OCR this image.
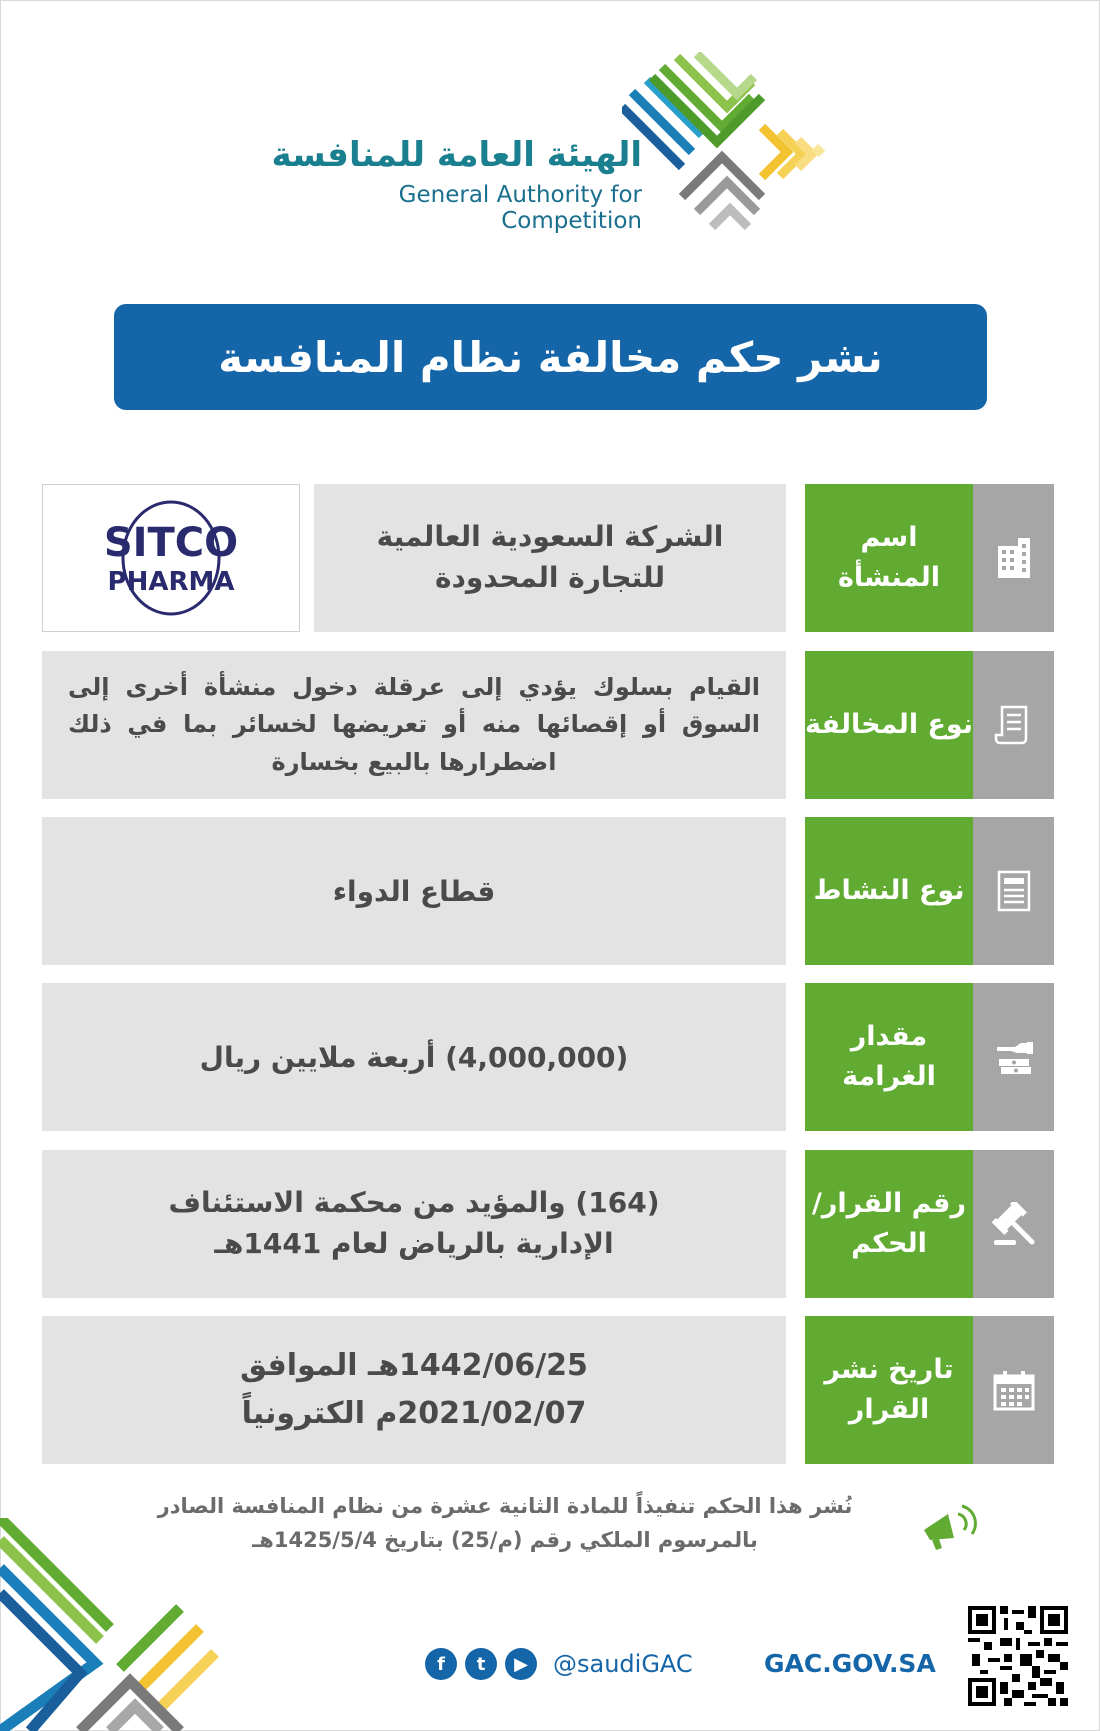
الهيئة العامة للمنافسة
General Authority for Competition
نشر حكم مخالفة نظام المنافسة
اسم المنشأة
الشركة السعودية العالمية للتجارة المحدودة
SITCO
PHARMA
نوع المخالفة
القيام بسلوك يؤدي إلى عرقلة دخول منشأة أخرى إلى السوق أو إقصائها منه أو تعريضها لخسائر بما في ذلك اضطرارها بالبيع بخسارة
نوع النشاط
قطاع الدواء
مقدار الغرامة
(4,000,000) أربعة ملايين ريال
رقم القرار/الحكم
(164) والمؤيد من محكمة الاستئناف الإدارية بالرياض لعام 1441هـ
تاريخ نشر القرار
1442/06/25هـ الموافق 2021/02/07م الكترونياً
نُشر هذا الحكم تنفيذاً للمادة الثانية عشرة من نظام المنافسة الصادر بالمرسوم الملكي رقم (م/25) بتاريخ 1425/5/4هـ
f	t	▶	@saudiGAC	GAC.GOV.SA
